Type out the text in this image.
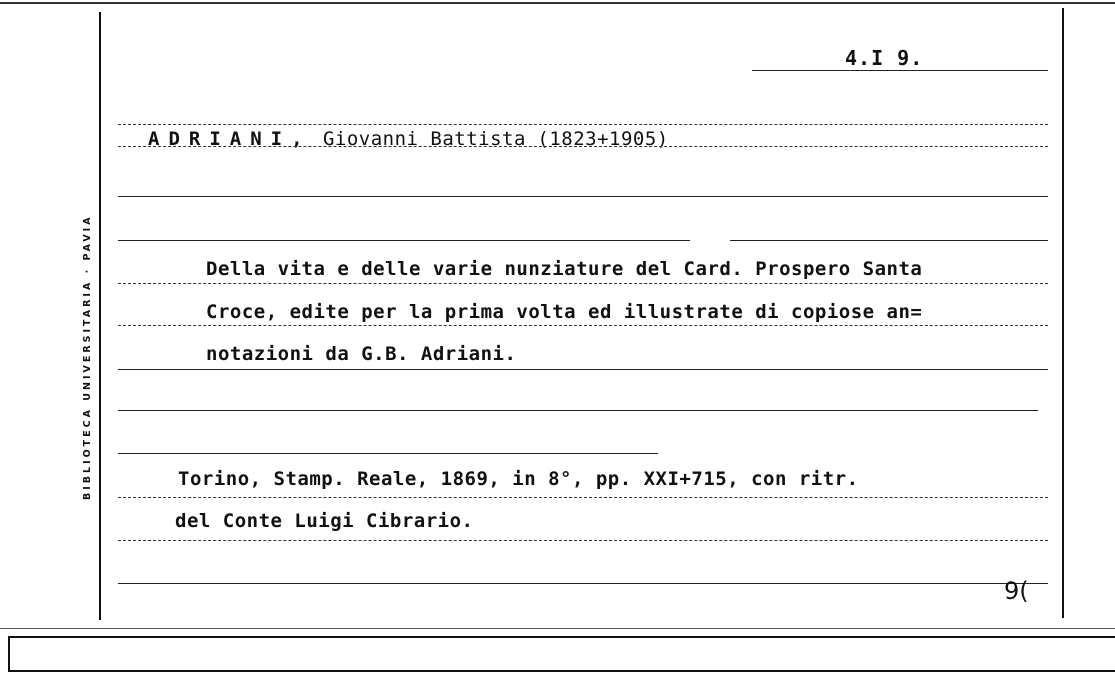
BIBLIOTECA UNIVERSITARIA · PAVIA
4.I 9.
ADRIANI, Giovanni Battista (1823+1905)
Della vita e delle varie nunziature del Card. Prospero Santa
Croce, edite per la prima volta ed illustrate di copiose an=
notazioni da G.B. Adriani.
Torino, Stamp. Reale, 1869, in 8°, pp. XXI+715, con ritr.
del Conte Luigi Cibrario.
9(
